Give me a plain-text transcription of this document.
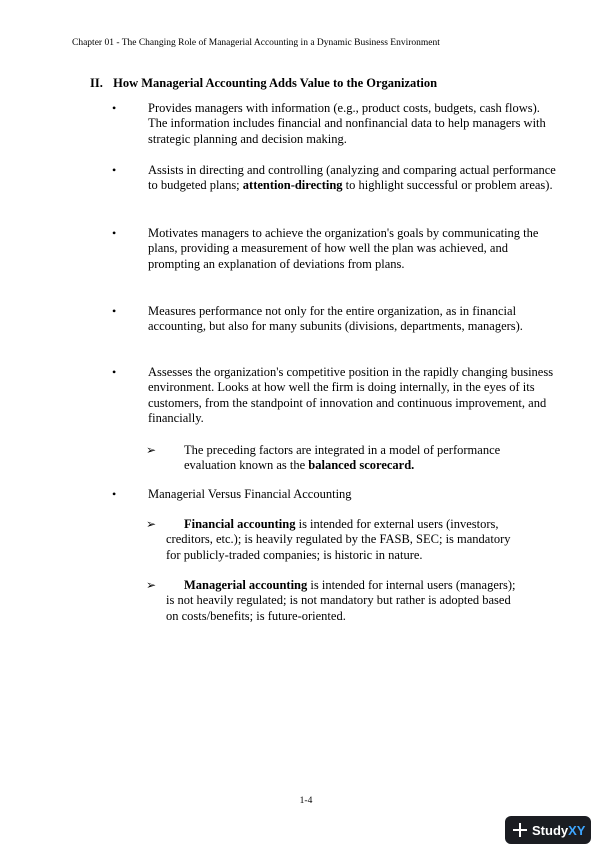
Chapter 01 - The Changing Role of Managerial Accounting in a Dynamic Business Environment
II. How Managerial Accounting Adds Value to the Organization
•	Provides managers with information (e.g., product costs, budgets, cash flows). The information includes financial and nonfinancial data to help managers with strategic planning and decision making.
•	Assists in directing and controlling (analyzing and comparing actual performance to budgeted plans; attention-directing to highlight successful or problem areas).
•	Motivates managers to achieve the organization's goals by communicating the plans, providing a measurement of how well the plan was achieved, and prompting an explanation of deviations from plans.
•	Measures performance not only for the entire organization, as in financial accounting, but also for many subunits (divisions, departments, managers).
•	Assesses the organization's competitive position in the rapidly changing business environment. Looks at how well the firm is doing internally, in the eyes of its customers, from the standpoint of innovation and continuous improvement, and financially.
➢ The preceding factors are integrated in a model of performance evaluation known as the balanced scorecard.
•	Managerial Versus Financial Accounting
➢	Financial accounting is intended for external users (investors, creditors, etc.); is heavily regulated by the FASB, SEC; is mandatory for publicly-traded companies; is historic in nature.
➢	Managerial accounting is intended for internal users (managers); is not heavily regulated; is not mandatory but rather is adopted based on costs/benefits; is future-oriented.
1-4
StudyXY
